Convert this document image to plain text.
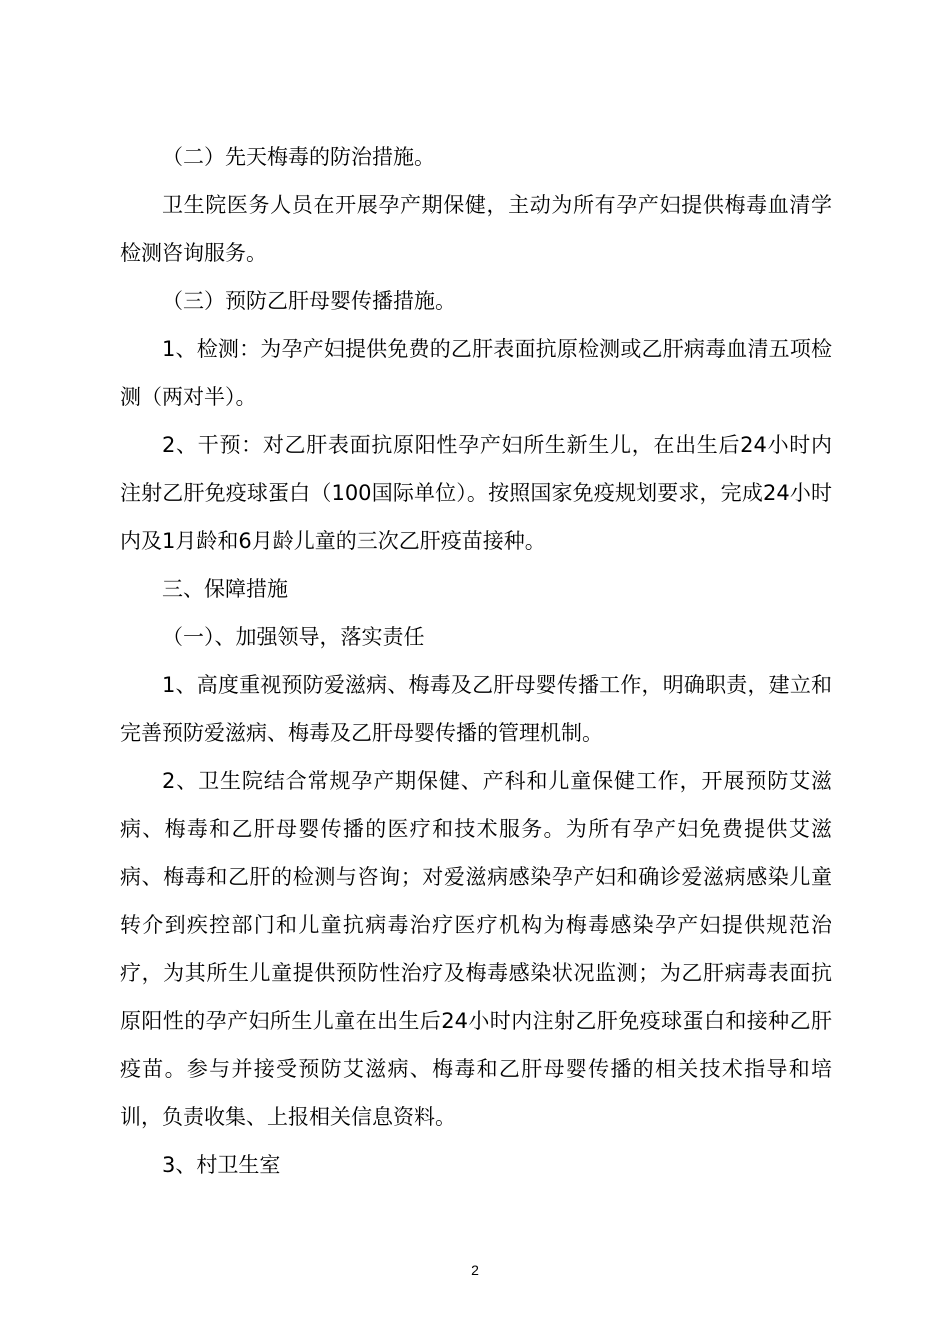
（二）先天梅毒的防治措施。

卫生院医务人员在开展孕产期保健，主动为所有孕产妇提供梅毒血清学检测咨询服务。

（三）预防乙肝母婴传播措施。

1、检测：为孕产妇提供免费的乙肝表面抗原检测或乙肝病毒血清五项检测（两对半）。

2、干预：对乙肝表面抗原阳性孕产妇所生新生儿，在出生后24小时内注射乙肝免疫球蛋白（100国际单位）。按照国家免疫规划要求，完成24小时内及1月龄和6月龄儿童的三次乙肝疫苗接种。

三、保障措施

（一）、加强领导，落实责任

1、高度重视预防爱滋病、梅毒及乙肝母婴传播工作，明确职责，建立和完善预防爱滋病、梅毒及乙肝母婴传播的管理机制。

2、卫生院结合常规孕产期保健、产科和儿童保健工作，开展预防艾滋病、梅毒和乙肝母婴传播的医疗和技术服务。为所有孕产妇免费提供艾滋病、梅毒和乙肝的检测与咨询；对爱滋病感染孕产妇和确诊爱滋病感染儿童转介到疾控部门和儿童抗病毒治疗医疗机构为梅毒感染孕产妇提供规范治疗，为其所生儿童提供预防性治疗及梅毒感染状况监测；为乙肝病毒表面抗原阳性的孕产妇所生儿童在出生后24小时内注射乙肝免疫球蛋白和接种乙肝疫苗。参与并接受预防艾滋病、梅毒和乙肝母婴传播的相关技术指导和培训，负责收集、上报相关信息资料。

3、村卫生室

2
